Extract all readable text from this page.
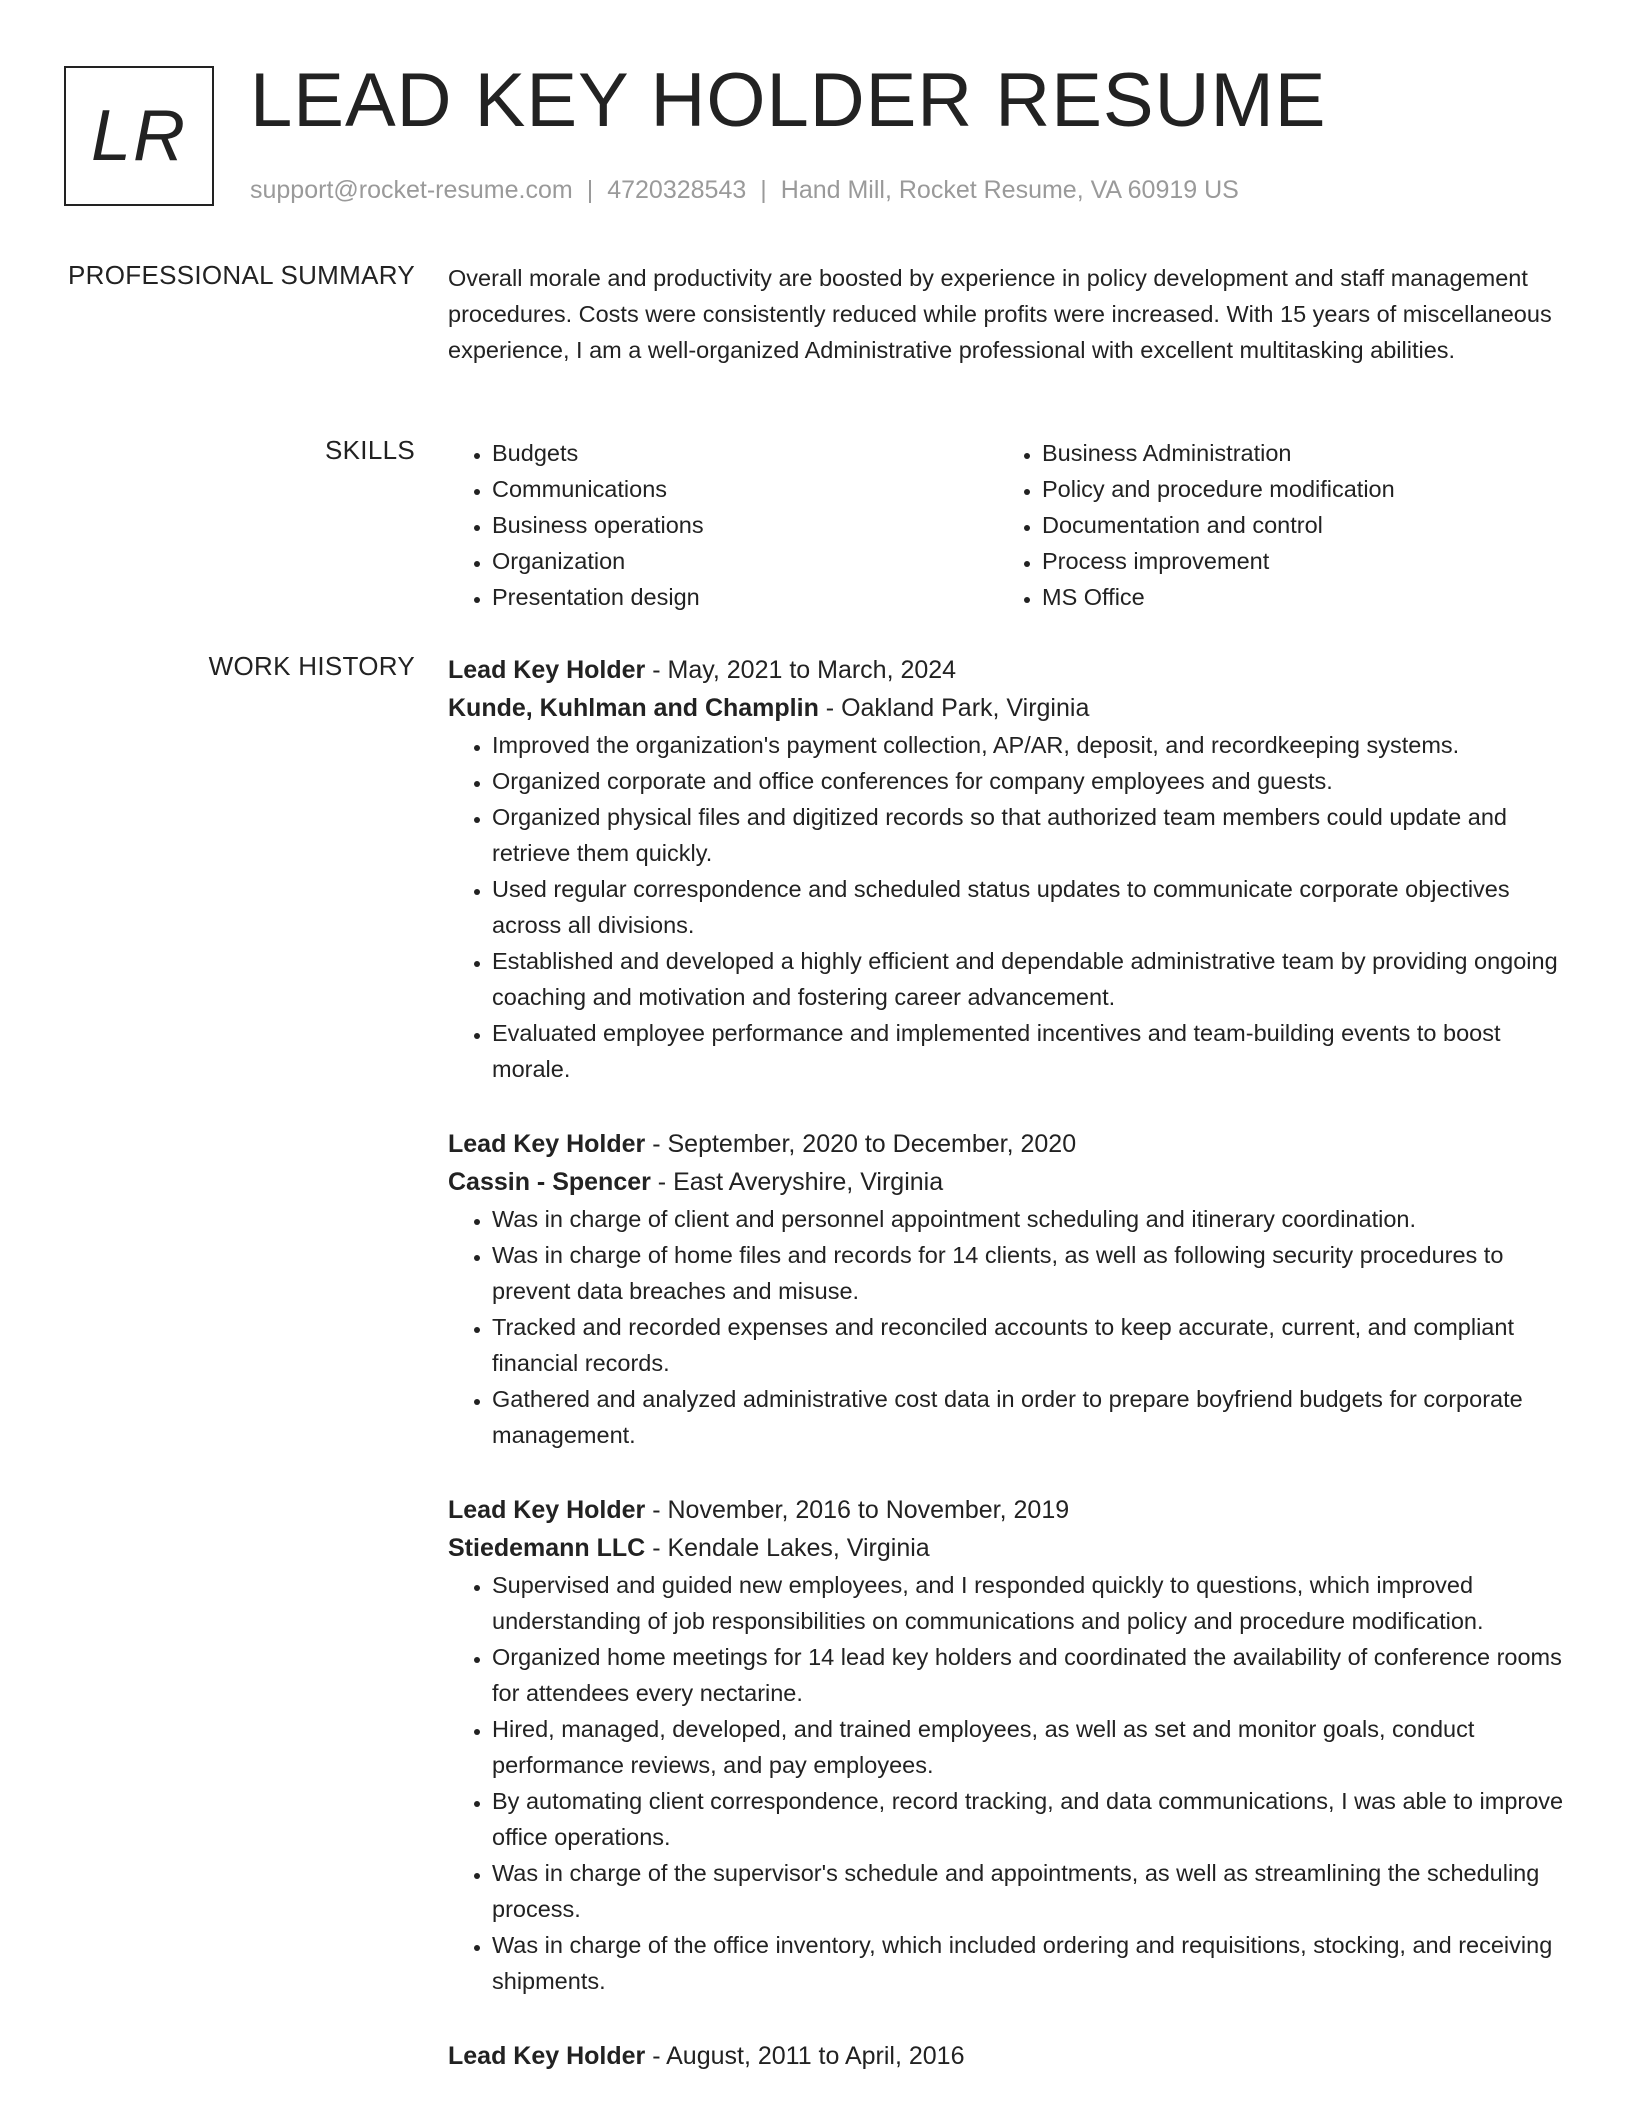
LR LEAD KEY HOLDER RESUME
support@rocket-resume.com | 4720328543 | Hand Mill, Rocket Resume, VA 60919 US
PROFESSIONAL SUMMARY Overall morale and productivity are boosted by experience in policy development and staff management procedures. Costs were consistently reduced while profits were increased. With 15 years of miscellaneous experience, I am a well-organized Administrative professional with excellent multitasking abilities.

SKILLS
•	Budgets
• Communications
• Business operations
• Organization
• Presentation design
• Business Administration
• Policy and procedure modification
• Documentation and control
• Process improvement
• MS Office
WORK HISTORY Lead Key Holder - May, 2021 to March, 2024
Kunde, Kuhlman and Champlin - Oakland Park, Virginia
• Improved the organization's payment collection, AP/AR, deposit, and recordkeeping systems.
• Organized corporate and office conferences for company employees and guests.
• Organized physical files and digitized records so that authorized team members could update and retrieve them quickly.
• Used regular correspondence and scheduled status updates to communicate corporate objectives across all divisions.
• Established and developed a highly efficient and dependable administrative team by providing ongoing coaching and motivation and fostering career advancement.
• Evaluated employee performance and implemented incentives and team-building events to boost morale.
Lead Key Holder - September, 2020 to December, 2020
Cassin - Spencer - East Averyshire, Virginia
• Was in charge of client and personnel appointment scheduling and itinerary coordination.
• Was in charge of home files and records for 14 clients, as well as following security procedures to prevent data breaches and misuse.
• Tracked and recorded expenses and reconciled accounts to keep accurate, current, and compliant financial records.
• Gathered and analyzed administrative cost data in order to prepare boyfriend budgets for corporate management.
Lead Key Holder - November, 2016 to November, 2019
Stiedemann LLC - Kendale Lakes, Virginia
• Supervised and guided new employees, and I responded quickly to questions, which improved understanding of job responsibilities on communications and policy and procedure modification.
• Organized home meetings for 14 lead key holders and coordinated the availability of conference rooms for attendees every nectarine.
• Hired, managed, developed, and trained employees, as well as set and monitor goals, conduct performance reviews, and pay employees.
• By automating client correspondence, record tracking, and data communications, I was able to improve office operations.
• Was in charge of the supervisor's schedule and appointments, as well as streamlining the scheduling process.
• Was in charge of the office inventory, which included ordering and requisitions, stocking, and receiving shipments.
Lead Key Holder - August, 2011 to April, 2016
